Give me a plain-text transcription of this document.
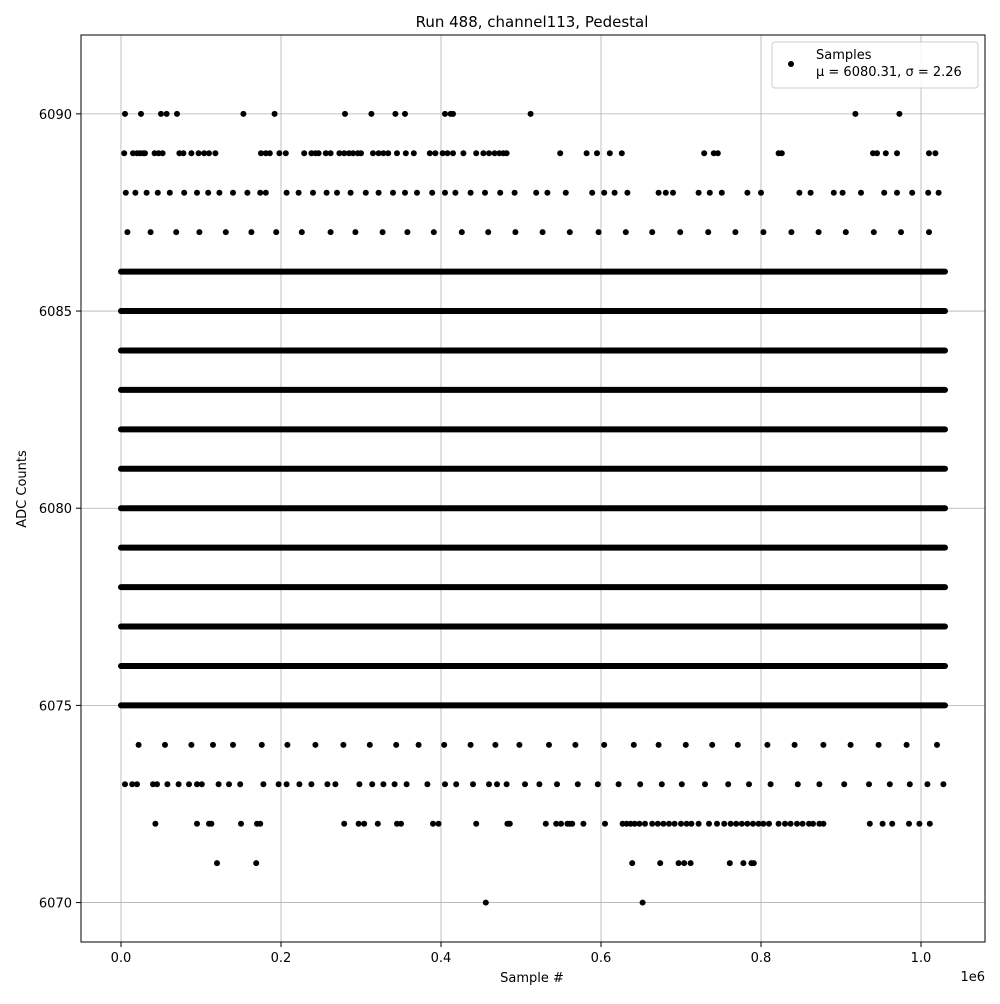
Run 488, channel113, Pedestal
0.0	0.2	0.4	0.6	0.8	1.0
6070
6075
6080
6085
6090
1e6
Sample #
ADC Counts
Samples
μ = 6080.31, σ = 2.26
